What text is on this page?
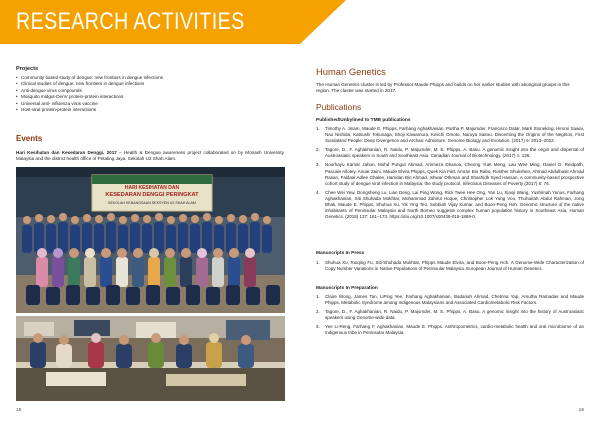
RESEARCH ACTIVITIES
Projects
• Community based study of dengue: new frontiers in dengue infections
• Clinical studies of dengue: new frontiers in dengue infections
• Anti-dengue virus compounds
• Mosquito midgut-DenV protein-protein interactions
• Universal anti- influenza virus vaccine
• Host-viral protein-protein interactions
Events
Hari Kesihatan dan Kesedaran Denggi, 2017 – Health & Dengue awareness project collaborated on by Monash University Malaysia and the district health office of Petaling Jaya, Sekolah U2 Shah Alam.
HARI KESIHATAN DAN
KESEDARAN DENGGI PERINGKAT
SEKOLAH KEBANGSAAN SEKSYEN U2 SHAH ALAM
15
Human Genetics
The Human Genetics cluster is led by Professor Maude Phipps and builds on her earlier studies with aboriginal groups in this region. The cluster was started in 2017.
Publications
Published/Unbylined to TMB publications
1. Timothy A. Jinam, Maude E. Phipps, Farhang Aghakhanian, Partha P. Majumder, Francisco Datar, Mark Stoneking, Hiromi Sawai, Nao Nishida, Katsushi Tokunaga, Shoji Kawamura, Keiichi Omoto, Naruya Saitou. Discerning the Origins of the Negritos, First Sundaland People: Deep Divergence and Archaic Admixture. Genome Biology and Evolution. (2017) 9: 2013–2022.
2. Tagore, D., F. Aghakhanian, R. Naidu, P. Majumder, M. E. Phipps, A. Basu. A genomic insight into the origin and dispersal of Austroasiatic speakers in South and Southeast Asia. Canadian Journal of Biotechnology. (2017) 1: 136.
3. Noorhayu Kamar Jahun, Mohd Pungut Ahmad, Ammeza Dhanoa, Cheong Yuet Meng, Lau Wee Ming, Daniel D. Reidpath, Pascale Allotey, Anuar Zaini, Maude Elvira Phipps, Quek Kia Fatt, Amran Bin Rabu, Rosther Shukshen, Ahmad Abdulbasit Ahmad Rasan, Faldaal Adlee Ghalee, Hamdan Bin Ahmad, Ishwar Othman and Shashidh Syed Hassan. A community-based prospective cohort study of dengue viral infection in Malaysia: the study protocol. Infectious Diseases of Poverty (2017) 6: 76.
4. Chee Wei Yew, Dongsheng Lu, Lian Deng, Lai Ping Wong, Rick Twee Hee Ong, Yan Lu, Xiaoji Wang, Yushimah Yunus, Farhang Aghakhanian, Siti Shuhada Mokhtar, Mohammad Zahirul Hoque, Christopher Lok Yung Voo, Thuhairah Abdul Rahman, Jong Bhak, Maude E. Phipps, Shuhua Xu, Yik Ying Teo, Subbiah Vijay Kumar, and Boon-Peng Hoh. Genomic structure of the native inhabitants of Peninsular Malaysia and North Borneo suggests complex human population history in Southeast Asia. Human Genetics. (2018) 137: 161–173. https://doi.org/10.1007/s00439-018-1869-0.
Manuscripts In Press
1. Shuhua Xu, Ruiqing Fu, Siti-Shuhada Mokhtar, Phipps Maude Elvira, and Boon-Peng Hoh. A Genome-Wide Characterization of Copy Number Variations in Native Populations of Peninsular Malaysia. European Journal of Human Genetics.
Manuscripts In Preparation
1. Claire Wong, James Tan, LiPing Yee, Farhang Aghakhanian, Badariah Ahmad, Chetrina Yap, Amutha Ramadas and Maude Phipps. Metabolic Syndrome among Indigenous Malaysians and Associated Cardiometabolic Risk Factors.
2. Tagore, D., F. Aghakhanian, R. Naidu, P. Majumder, M. E. Phipps, A. Basu. A genomic insight into the history of Austroasiatic speakers using Genome-wide data.
3. Yee Li-Reng, Farhang F, Aghakhanian, Maude E. Phipps. Anthropometrics, cardio-metabolic health and oral microbiome of an Indigenous tribe in Peninsular Malaysia.
16
